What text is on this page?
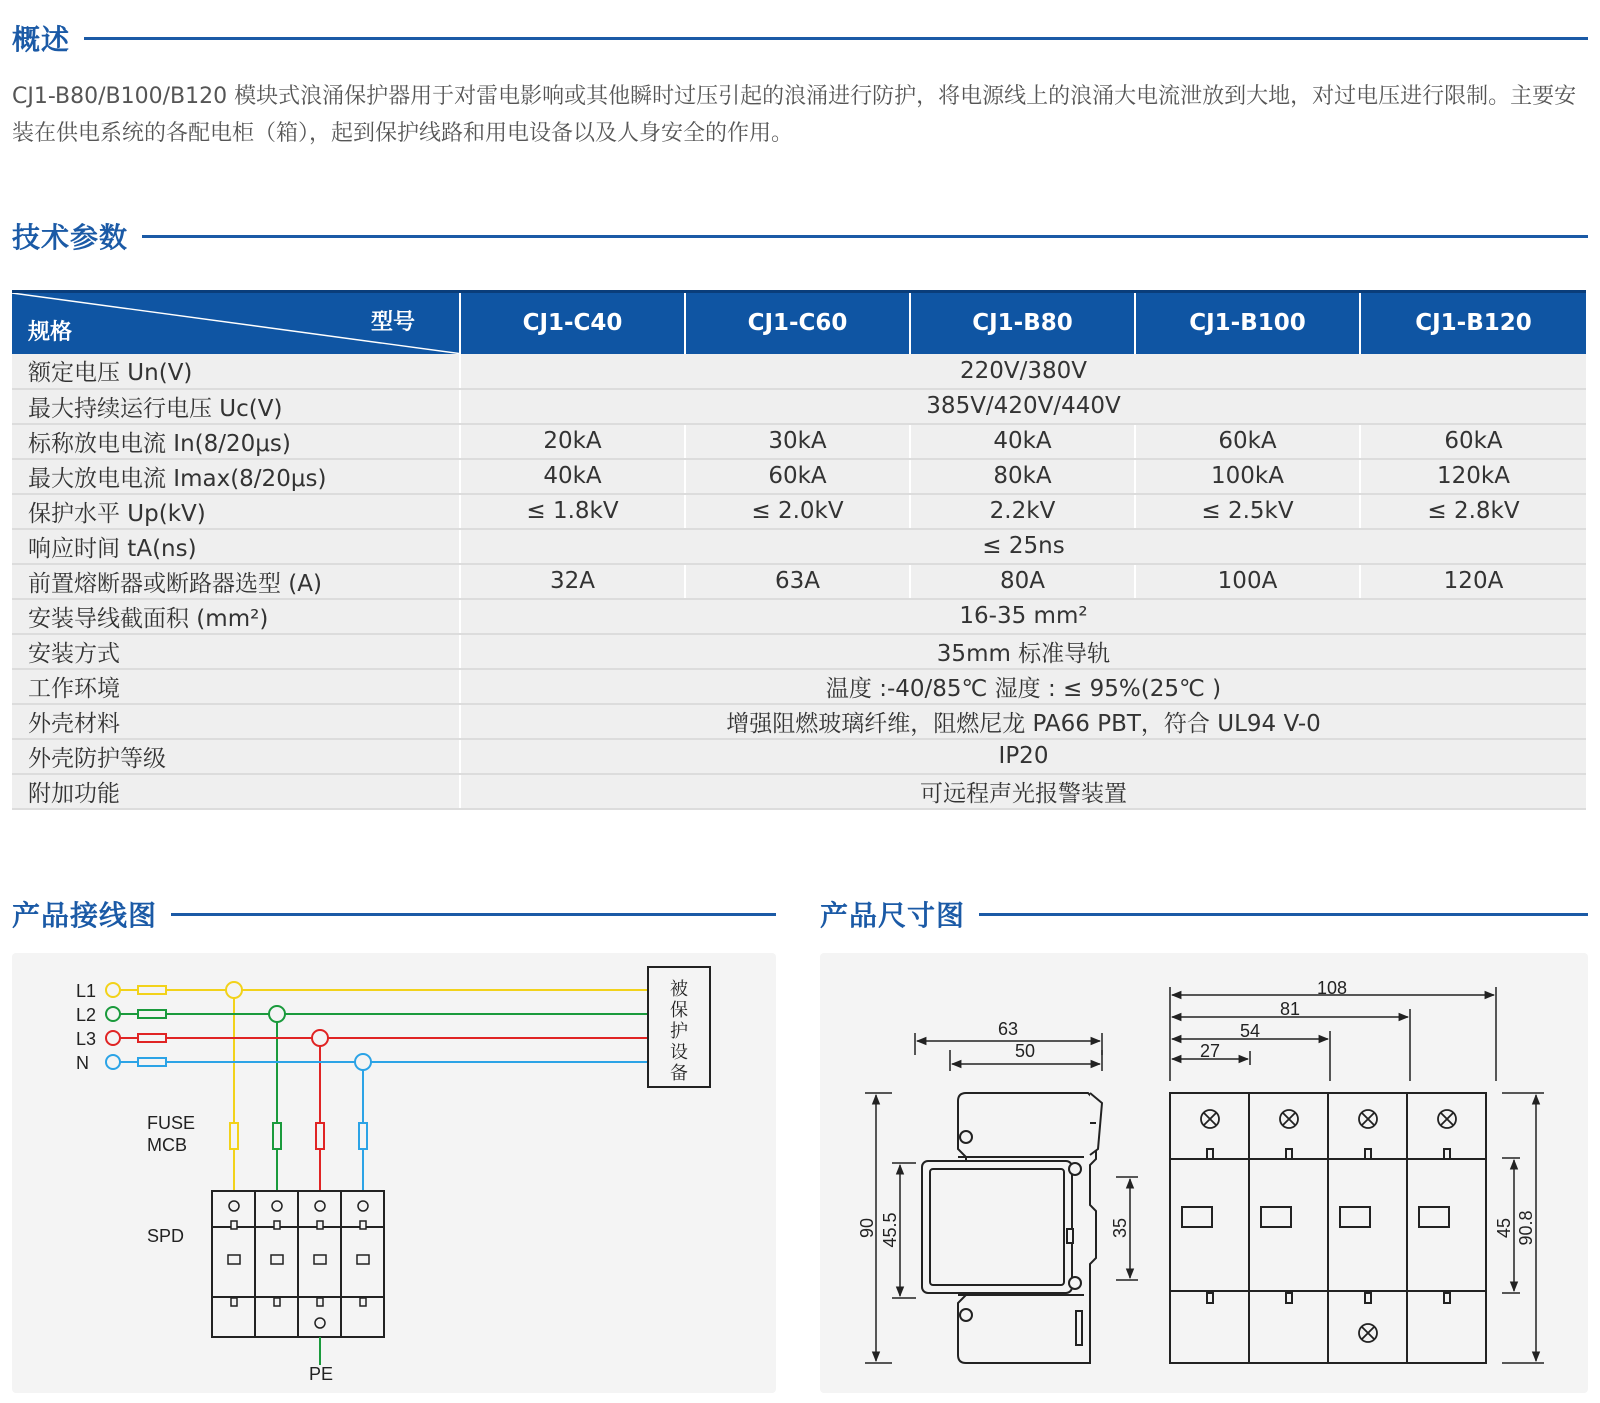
概述
CJ1-B80/B100/B120 模块式浪涌保护器用于对雷电影响或其他瞬时过压引起的浪涌进行防护，将电源线上的浪涌大电流泄放到大地，对过电压进行限制。主要安
装在供电系统的各配电柜（箱），起到保护线路和用电设备以及人身安全的作用。
技术参数
型号
规格	CJ1-C40	CJ1-C60	CJ1-B80	CJ1-B100	CJ1-B120
额定电压 Un(V)	220V/380V				
最大持续运行电压 Uc(V)	385V/420V/440V				
标称放电电流 In(8/20μs)	20kA	30kA	40kA	60kA	60kA
最大放电电流 Imax(8/20μs)	40kA	60kA	80kA	100kA	120kA
保护水平 Up(kV)	≤ 1.8kV	≤ 2.0kV	2.2kV	≤ 2.5kV	≤ 2.8kV
响应时间 tA(ns)	≤ 25ns				
前置熔断器或断路器选型 (A)	32A	63A	80A	100A	120A
安装导线截面积 (mm²)	16-35 mm²				
安装方式	35mm 标准导轨				
工作环境	温度 :-40/85℃ 湿度 : ≤ 95%(25℃ )				
外壳材料	增强阻燃玻璃纤维，阻燃尼龙 PA66 PBT，符合 UL94 V-0				
外壳防护等级	IP20				
附加功能	可远程声光报警装置				
产品接线图	产品尺寸图
L1
L2
L3
N
被
保
护
设
备
FUSE
MCB
SPD
PE
63
50
90 45.5	35
108
81
54
27
45 90.8
